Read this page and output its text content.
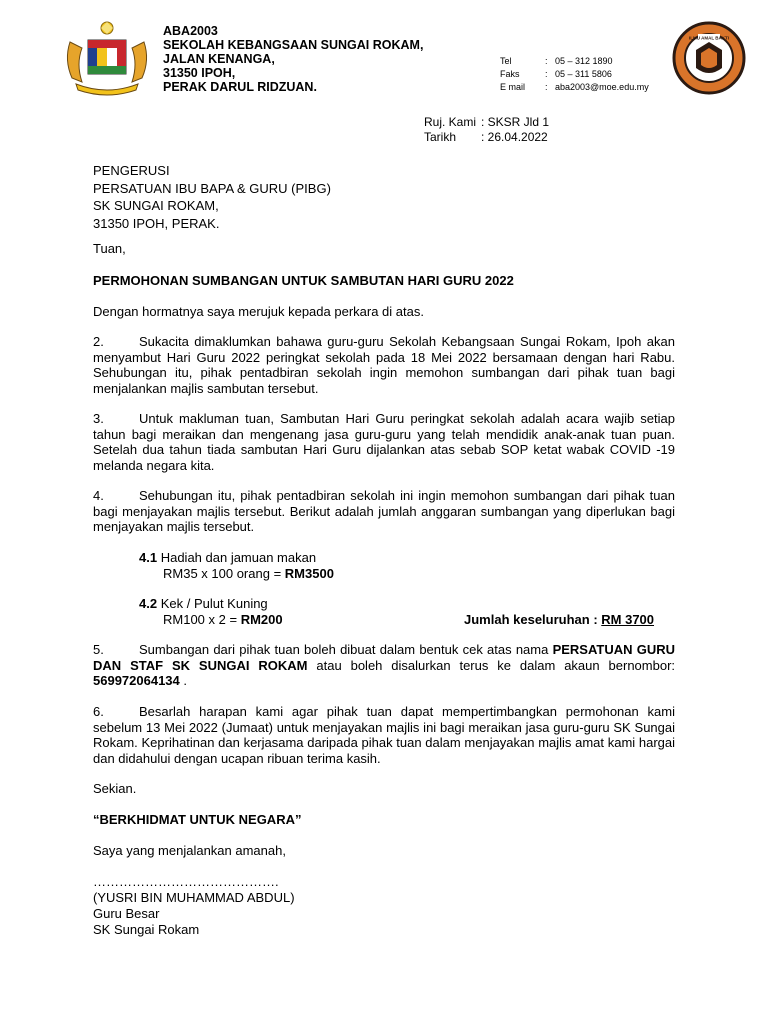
ILMU AMAL BAKTI
ABA2003
SEKOLAH KEBANGSAAN SUNGAI ROKAM,
JALAN KENANGA,
31350 IPOH,
PERAK DARUL RIDZUAN.
Tel	: 05 – 312 1890
Faks	: 05 – 311 5806
E mail	: aba2003@moe.edu.my
Ruj. Kami : SKSR Jld 1
Tarikh	: 26.04.2022
PENGERUSI
PERSATUAN IBU BAPA & GURU (PIBG)
SK SUNGAI ROKAM,
31350 IPOH, PERAK.
Tuan,
PERMOHONAN SUMBANGAN UNTUK SAMBUTAN HARI GURU 2022
Dengan hormatnya saya merujuk kepada perkara di atas.
2.	Sukacita dimaklumkan bahawa guru-guru Sekolah Kebangsaan Sungai Rokam, Ipoh akan menyambut Hari Guru 2022 peringkat sekolah pada 18 Mei 2022 bersamaan dengan hari Rabu. Sehubungan itu, pihak pentadbiran sekolah ingin memohon sumbangan dari pihak tuan bagi menjalankan majlis sambutan tersebut.
3.	Untuk makluman tuan, Sambutan Hari Guru peringkat sekolah adalah acara wajib setiap tahun bagi meraikan dan mengenang jasa guru-guru yang telah mendidik anak-anak tuan puan. Setelah dua tahun tiada sambutan Hari Guru dijalankan atas sebab SOP ketat wabak COVID -19 melanda negara kita.
4.	Sehubungan itu, pihak pentadbiran sekolah ini ingin memohon sumbangan dari pihak tuan bagi menjayakan majlis tersebut. Berikut adalah jumlah anggaran sumbangan yang diperlukan bagi menjayakan majlis tersebut.
4.1 Hadiah dan jamuan makan
RM35 x 100 orang = RM3500
4.2 Kek / Pulut Kuning
RM100 x 2 = RM200	Jumlah keseluruhan : RM 3700
5.	Sumbangan dari pihak tuan boleh dibuat dalam bentuk cek atas nama PERSATUAN GURU DAN STAF SK SUNGAI ROKAM atau boleh disalurkan terus ke dalam akaun bernombor: 569972064134 .
6.	Besarlah harapan kami agar pihak tuan dapat mempertimbangkan permohonan kami sebelum 13 Mei 2022 (Jumaat) untuk menjayakan majlis ini bagi meraikan jasa guru-guru SK Sungai Rokam. Keprihatinan dan kerjasama daripada pihak tuan dalam menjayakan majlis amat kami hargai dan didahului dengan ucapan ribuan terima kasih.
Sekian.
“BERKHIDMAT UNTUK NEGARA”
Saya yang menjalankan amanah,
…………………………………….
(YUSRI BIN MUHAMMAD ABDUL)
Guru Besar
SK Sungai Rokam
